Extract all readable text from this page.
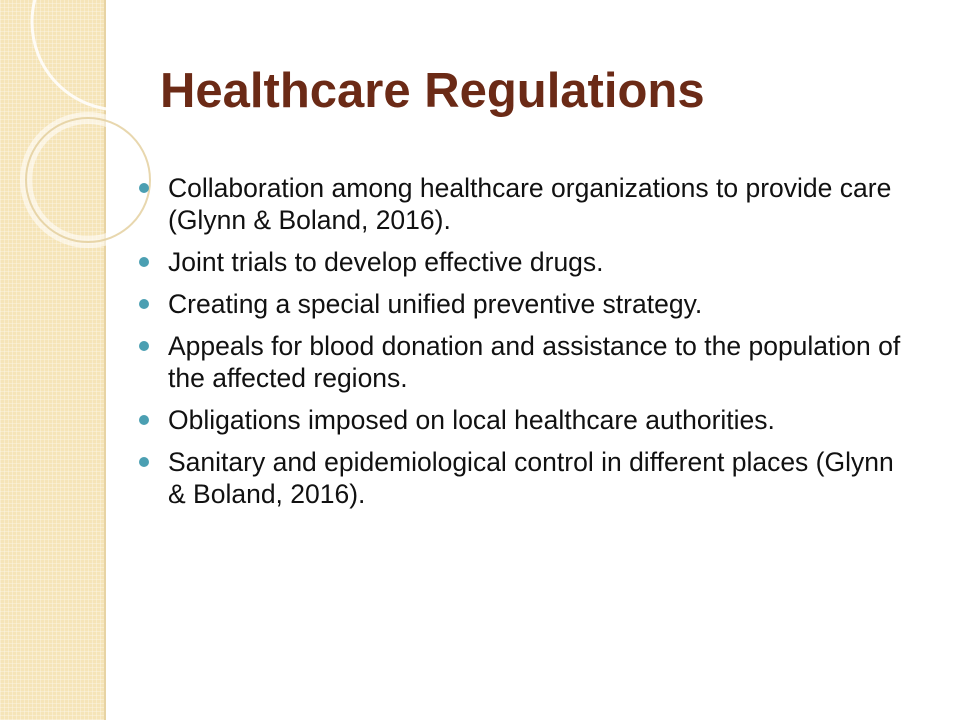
Healthcare Regulations
Collaboration among healthcare organizations to provide care (Glynn & Boland, 2016).
Joint trials to develop effective drugs.
Creating a special unified preventive strategy.
Appeals for blood donation and assistance to the population of the affected regions.
Obligations imposed on local healthcare authorities.
Sanitary and epidemiological control in different places (Glynn & Boland, 2016).
